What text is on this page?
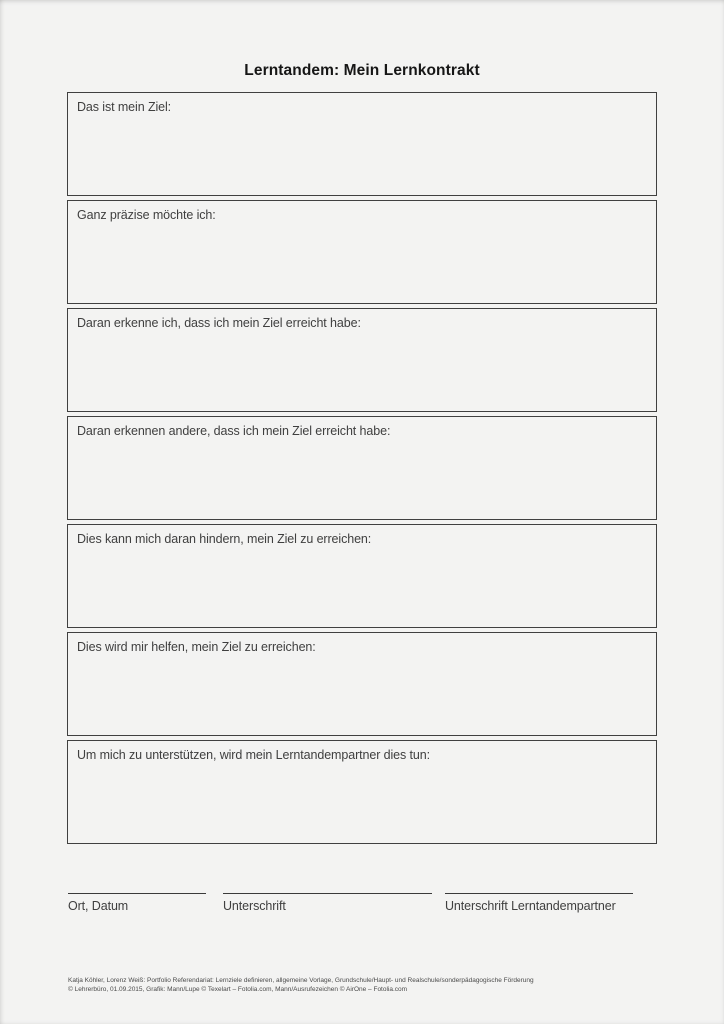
Lerntandem: Mein Lernkontrakt
Das ist mein Ziel:
Ganz präzise möchte ich:
Daran erkenne ich, dass ich mein Ziel erreicht habe:
Daran erkennen andere, dass ich mein Ziel erreicht habe:
Dies kann mich daran hindern, mein Ziel zu erreichen:
Dies wird mir helfen, mein Ziel zu erreichen:
Um mich zu unterstützen, wird mein Lerntandempartner dies tun:
Ort, Datum	Unterschrift	Unterschrift Lerntandempartner
Katja Köhler, Lorenz Weiß: Portfolio Referendariat: Lernziele definieren, allgemeine Vorlage, Grundschule/Haupt- und Realschule/sonderpädagogische Förderung
© Lehrerbüro, 01.09.2015, Grafik: Mann/Lupe © Texelart – Fotolia.com, Mann/Ausrufezeichen © AirOne – Fotolia.com
